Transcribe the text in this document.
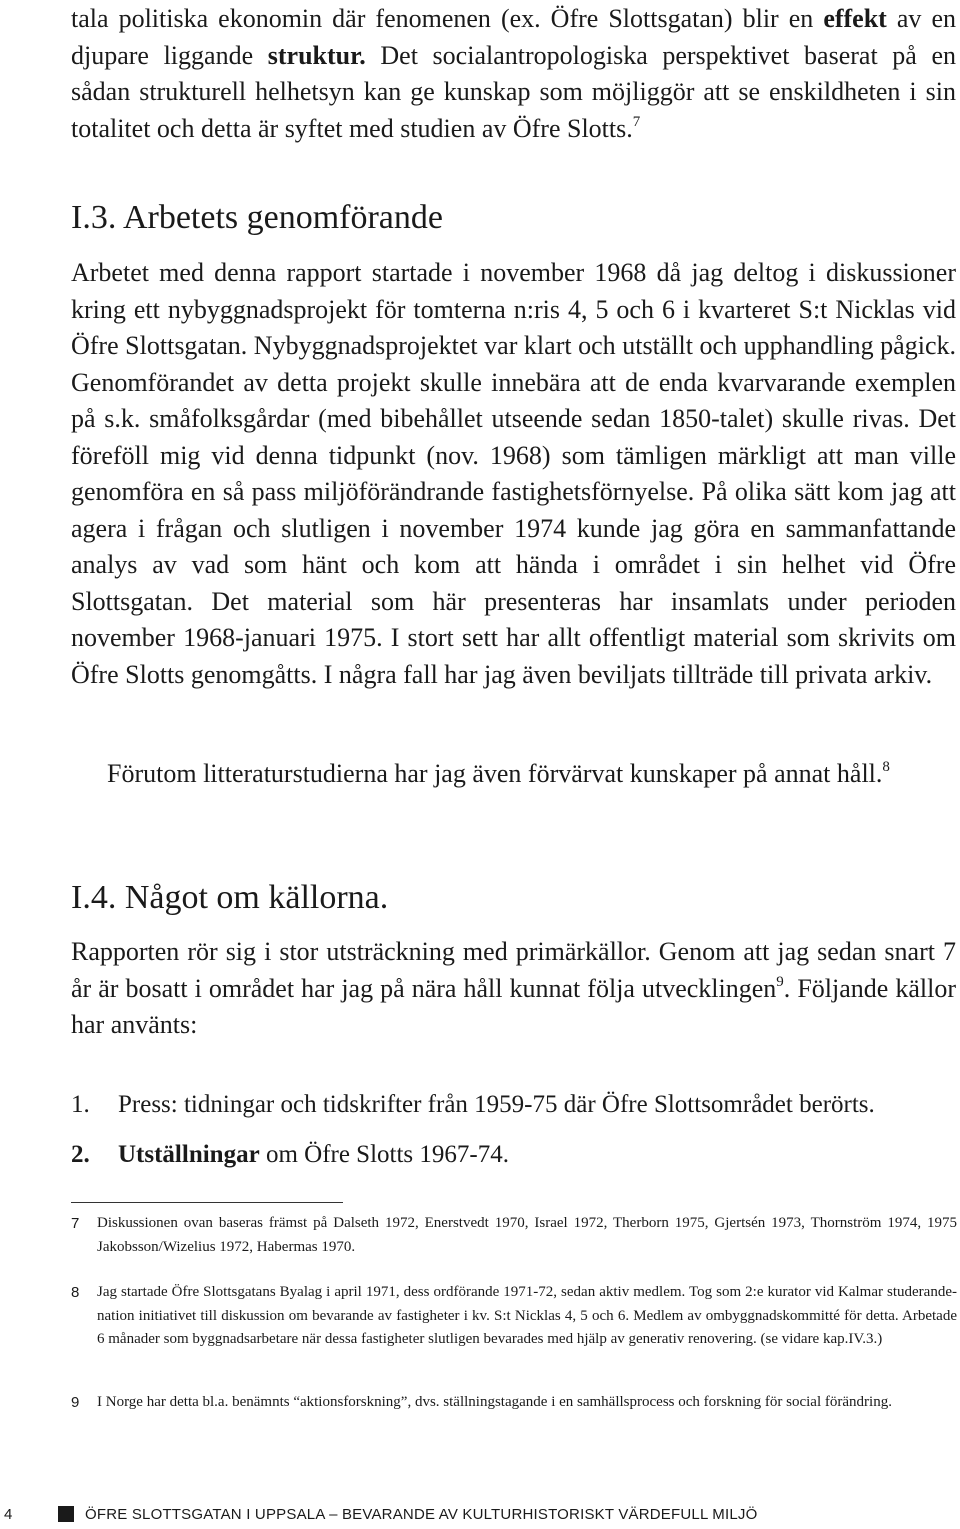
tala politiska ekonomin där fenomenen (ex. Öfre Slottsgatan) blir en effekt av en djupare liggande struktur. Det socialantropologiska perspektivet baserat på en sådan strukturell helhetsyn kan ge kunskap som möjliggör att se enskildheten i sin totalitet och detta är syftet med studien av Öfre Slotts.$^7$

I.3. Arbetets genomförande

Arbetet med denna rapport startade i november 1968 då jag deltog i diskussioner kring ett nybyggnadsprojekt för tomterna n:ris 4, 5 och 6 i kvarteret S:t Nicklas vid Öfre Slottsgatan. Nybyggnadsprojektet var klart och utställt och upphandling pågick. Genomförandet av detta projekt skulle innebära att de enda kvarvarande exemplen på s.k. småfolksgårdar (med bibehållet utseende sedan 1850-talet) skulle rivas. Det föreföll mig vid denna tidpunkt (nov. 1968) som tämligen märkligt att man ville genomföra en så pass miljöförändrande fastighetsförnyelse. På olika sätt kom jag att agera i frågan och slutligen i november 1974 kunde jag göra en sammanfattande analys av vad som hänt och kom att hända i området i sin helhet vid Öfre Slottsgatan. Det material som här presenteras har insamlats under perioden november 1968-januari 1975. I stort sett har allt offentligt material som skrivits om Öfre Slotts genomgåtts. I några fall har jag även beviljats tillträde till privata arkiv.

Förutom litteraturstudierna har jag även förvärvat kunskaper på annat håll.$^8$

I.4. Något om källorna.

Rapporten rör sig i stor utsträckning med primärkällor. Genom att jag sedan snart 7 år är bosatt i området har jag på nära håll kunnat följa utvecklingen$^9$. Följande källor har använts:

1. Press: tidningar och tidskrifter från 1959-75 där Öfre Slottsområdet berörts.
2. Utställningar om Öfre Slotts 1967-74.
7 Diskussionen ovan baseras främst på Dalseth 1972, Enerstvedt 1970, Israel 1972, Therborn 1975, Gjertsén 1973, Thornström 1974, 1975 Jakobsson/Wizelius 1972, Habermas 1970.
8 Jag startade Öfre Slottsgatans Byalag i april 1971, dess ordförande 1971-72, sedan aktiv medlem. Tog som 2:e kurator vid Kalmar studerande-nation initiativet till diskussion om bevarande av fastigheter i kv. S:t Nicklas 4, 5 och 6. Medlem av ombyggnadskommitté för detta. Arbetade 6 månader som byggnadsarbetare när dessa fastigheter slutligen bevarades med hjälp av generativ renovering. (se vidare kap.IV.3.)
9 I Norge har detta bl.a. benämnts “aktionsforskning”, dvs. ställningstagande i en samhällsprocess och forskning för social förändring.
4	ÖFRE SLOTTSGATAN I UPPSALA – BEVARANDE AV KULTURHISTORISKT VÄRDEFULL MILJÖ
